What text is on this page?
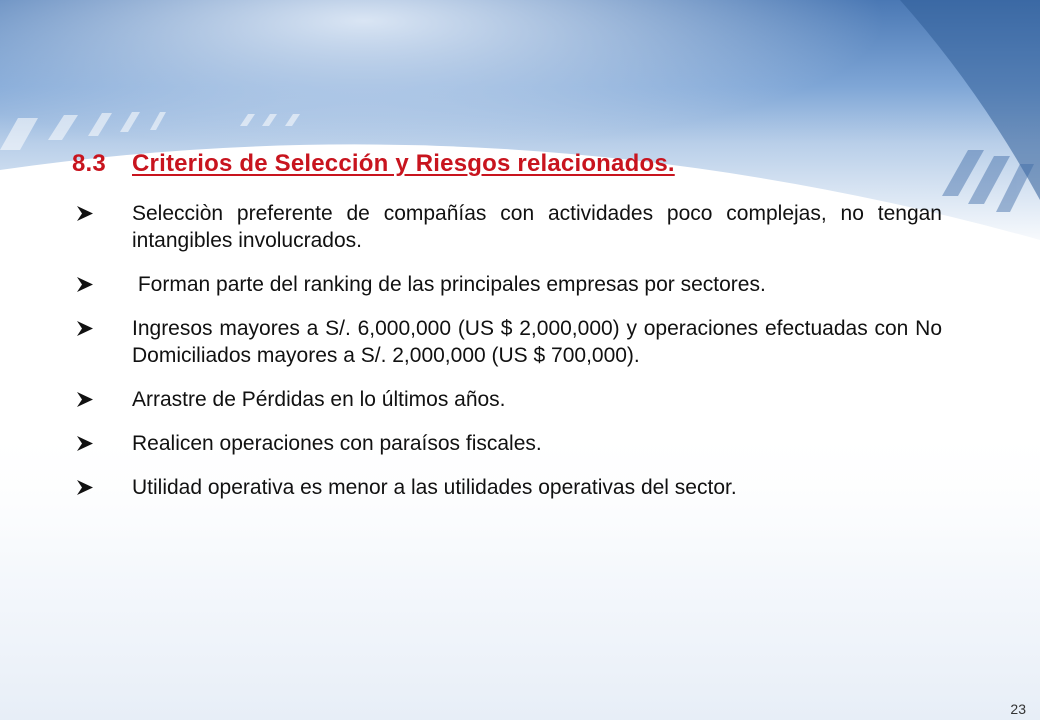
8.3 Criterios de Selección y Riesgos relacionados.
Selecciòn preferente de compañías con actividades poco complejas, no tengan intangibles involucrados.
Forman parte del ranking de las principales empresas por sectores.
Ingresos mayores a S/. 6,000,000 (US $ 2,000,000) y operaciones efectuadas con No Domiciliados mayores a S/. 2,000,000 (US $ 700,000).
Arrastre de Pérdidas en lo últimos años.
Realicen operaciones con paraísos fiscales.
Utilidad operativa es menor a las utilidades operativas del sector.
23
